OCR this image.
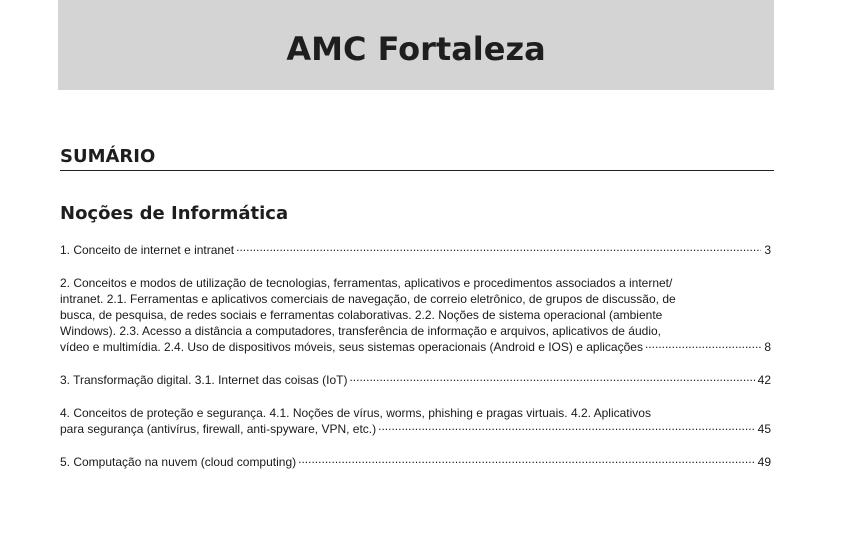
AMC Fortaleza
SUMÁRIO
Noções de Informática
1. Conceito de internet e intranet .....	3
2. Conceitos e modos de utilização de tecnologias, ferramentas, aplicativos e procedimentos associados a internet/
intranet. 2.1. Ferramentas e aplicativos comerciais de navegação, de correio eletrônico, de grupos de discussão, de
busca, de pesquisa, de redes sociais e ferramentas colaborativas. 2.2. Noções de sistema operacional (ambiente
Windows). 2.3. Acesso a distância a computadores, transferência de informação e arquivos, aplicativos de áudio,
vídeo e multimídia. 2.4. Uso de dispositivos móveis, seus sistemas operacionais (Android e IOS) e aplicações .....	8
3. Transformação digital. 3.1. Internet das coisas (IoT) .....	42
4. Conceitos de proteção e segurança. 4.1. Noções de vírus, worms, phishing e pragas virtuais. 4.2. Aplicativos
para segurança (antivírus, firewall, anti-spyware, VPN, etc.) .....	45
5. Computação na nuvem (cloud computing) .....	49
